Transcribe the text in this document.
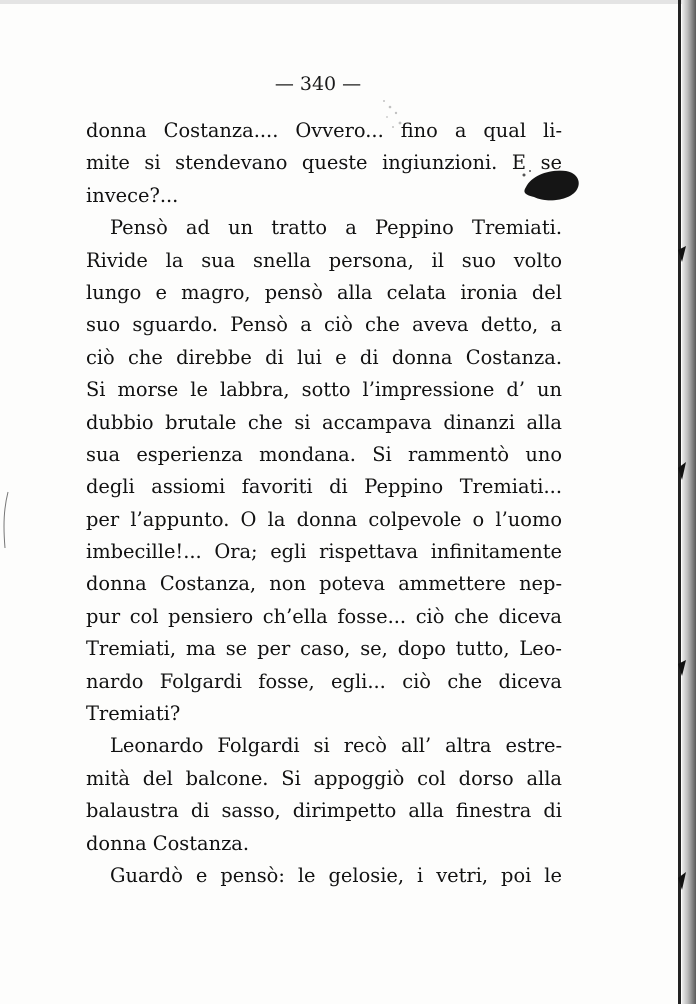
— 340 —
donna Costanza.... Ovvero... fino a qual li-
mite si stendevano queste ingiunzioni. E se
invece?...
Pensò ad un tratto a Peppino Tremiati.
Rivide la sua snella persona, il suo volto
lungo e magro, pensò alla celata ironia del
suo sguardo. Pensò a ciò che aveva detto, a
ciò che direbbe di lui e di donna Costanza.
Si morse le labbra, sotto l’impressione d’ un
dubbio brutale che si accampava dinanzi alla
sua esperienza mondana. Si rammentò uno
degli assiomi favoriti di Peppino Tremiati...
per l’appunto. O la donna colpevole o l’uomo
imbecille!... Ora; egli rispettava infinitamente
donna Costanza, non poteva ammettere nep-
pur col pensiero ch’ella fosse... ciò che diceva
Tremiati, ma se per caso, se, dopo tutto, Leo-
nardo Folgardi fosse, egli... ciò che diceva
Tremiati?
Leonardo Folgardi si recò all’ altra estre-
mità del balcone. Si appoggiò col dorso alla
balaustra di sasso, dirimpetto alla finestra di
donna Costanza.
Guardò e pensò: le gelosie, i vetri, poi le
